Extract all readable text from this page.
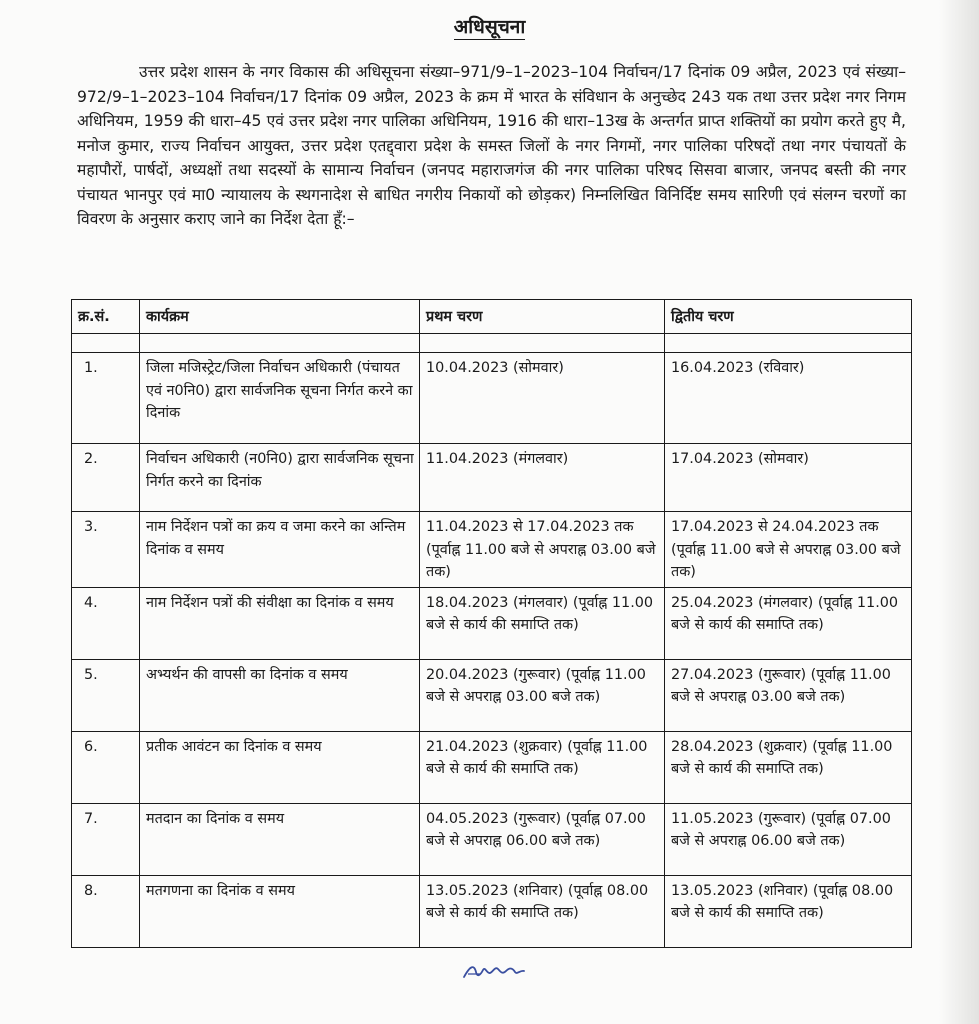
अधिसूचना

उत्तर प्रदेश शासन के नगर विकास की अधिसूचना संख्या–971/9–1–2023–104 निर्वाचन/17 दिनांक 09 अप्रैल, 2023 एवं संख्या–972/9–1–2023–104 निर्वाचन/17 दिनांक 09 अप्रैल, 2023 के क्रम में भारत के संविधान के अनुच्छेद 243 यक तथा उत्तर प्रदेश नगर निगम अधिनियम, 1959 की धारा–45 एवं उत्तर प्रदेश नगर पालिका अधिनियम, 1916 की धारा–13ख के अन्तर्गत प्राप्त शक्तियों का प्रयोग करते हुए मै, मनोज कुमार, राज्य निर्वाचन आयुक्त, उत्तर प्रदेश एतद्द्वारा प्रदेश के समस्त जिलों के नगर निगमों, नगर पालिका परिषदों तथा नगर पंचायतों के महापौरों, पार्षदों, अध्यक्षों तथा सदस्यों के सामान्य निर्वाचन (जनपद महाराजगंज की नगर पालिका परिषद सिसवा बाजार, जनपद बस्ती की नगर पंचायत भानपुर एवं मा0 न्यायालय के स्थगनादेश से बाधित नगरीय निकायों को छोड़कर) निम्नलिखित विनिर्दिष्ट समय सारिणी एवं संलग्न चरणों का विवरण के अनुसार कराए जाने का निर्देश देता हूँ:–

क्र.सं.	कार्यक्रम	प्रथम चरण	द्वितीय चरण

1.	जिला मजिस्ट्रेट/जिला निर्वाचन अधिकारी (पंचायत एवं न0नि0) द्वारा सार्वजनिक सूचना निर्गत करने का दिनांक	10.04.2023 (सोमवार)	16.04.2023 (रविवार)
2.	निर्वाचन अधिकारी (न0नि0) द्वारा सार्वजनिक सूचना निर्गत करने का दिनांक	11.04.2023 (मंगलवार)	17.04.2023 (सोमवार)
3.	नाम निर्देशन पत्रों का क्रय व जमा करने का अन्तिम दिनांक व समय	11.04.2023 से 17.04.2023 तक (पूर्वाह्न 11.00 बजे से अपराह्न 03.00 बजे तक)	17.04.2023 से 24.04.2023 तक (पूर्वाह्न 11.00 बजे से अपराह्न 03.00 बजे तक)
4.	नाम निर्देशन पत्रों की संवीक्षा का दिनांक व समय	18.04.2023 (मंगलवार) (पूर्वाह्न 11.00 बजे से कार्य की समाप्ति तक)	25.04.2023 (मंगलवार) (पूर्वाह्न 11.00 बजे से कार्य की समाप्ति तक)
5.	अभ्यर्थन की वापसी का दिनांक व समय	20.04.2023 (गुरूवार) (पूर्वाह्न 11.00 बजे से अपराह्न 03.00 बजे तक)	27.04.2023 (गुरूवार) (पूर्वाह्न 11.00 बजे से अपराह्न 03.00 बजे तक)
6.	प्रतीक आवंटन का दिनांक व समय	21.04.2023 (शुक्रवार) (पूर्वाह्न 11.00 बजे से कार्य की समाप्ति तक)	28.04.2023 (शुक्रवार) (पूर्वाह्न 11.00 बजे से कार्य की समाप्ति तक)
7.	मतदान का दिनांक व समय	04.05.2023 (गुरूवार) (पूर्वाह्न 07.00 बजे से अपराह्न 06.00 बजे तक)	11.05.2023 (गुरूवार) (पूर्वाह्न 07.00 बजे से अपराह्न 06.00 बजे तक)
8.	मतगणना का दिनांक व समय	13.05.2023 (शनिवार) (पूर्वाह्न 08.00 बजे से कार्य की समाप्ति तक)	13.05.2023 (शनिवार) (पूर्वाह्न 08.00 बजे से कार्य की समाप्ति तक)
